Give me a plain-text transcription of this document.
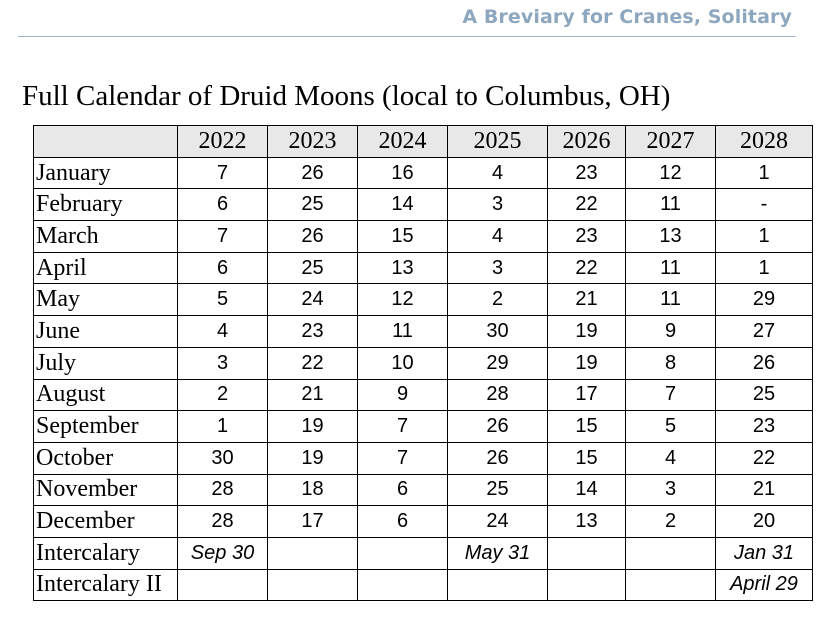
A Breviary for Cranes, Solitary
Full Calendar of Druid Moons (local to Columbus, OH)
	2022	2023	2024	2025	2026	2027	2028
January	7	26	16	4	23	12	1
February	6	25	14	3	22	11	-
March	7	26	15	4	23	13	1
April	6	25	13	3	22	11	1
May	5	24	12	2	21	11	29
June	4	23	11	30	19	9	27
July	3	22	10	29	19	8	26
August	2	21	9	28	17	7	25
September	1	19	7	26	15	5	23
October	30	19	7	26	15	4	22
November	28	18	6	25	14	3	21
December	28	17	6	24	13	2	20
Intercalary	Sep 30			May 31			Jan 31
Intercalary II							April 29
